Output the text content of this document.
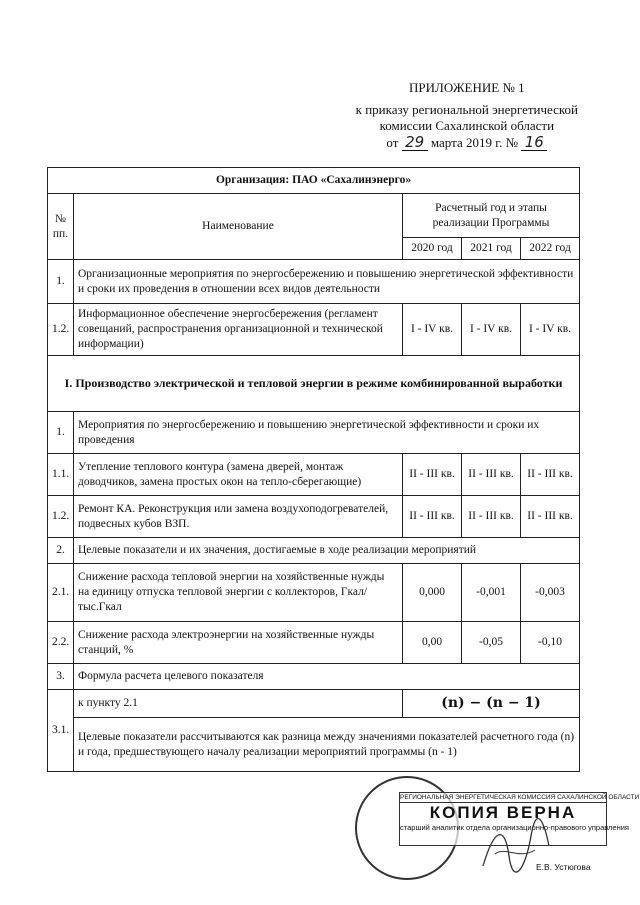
ПРИЛОЖЕНИЕ № 1
к приказу региональной энергетической
комиссии Сахалинской области
от 29 марта 2019 г. № 16
Организация: ПАО «Сахалинэнерго»				
№ пп.	Наименование	Расчетный год и этапы реализации Программы		
		2020 год	2021 год	2022 год
1.	Организационные мероприятия по энергосбережению и повышению энергетической эффективности и сроки их проведения в отношении всех видов деятельности			
1.2.	Информационное обеспечение энергосбережения (регламент совещаний, распространения организационной и технической информации)	I - IV кв.	I - IV кв.	I - IV кв.
I. Производство электрической и тепловой энергии в режиме комбинированной выработки				
1.	Мероприятия по энергосбережению и повышению энергетической эффективности и сроки их проведения			
1.1.	Утепление теплового контура (замена дверей, монтаж доводчиков, замена простых окон на тепло-сберегающие)	II - III кв.	II - III кв.	II - III кв.
1.2.	Ремонт КА. Реконструкция или замена воздухоподогревателей, подвесных кубов ВЗП.	II - III кв.	II - III кв.	II - III кв.
2.	Целевые показатели и их значения, достигаемые в ходе реализации мероприятий			
2.1.	Снижение расхода тепловой энергии на хозяйственные нужды на единицу отпуска тепловой энергии с коллекторов, Гкал/тыс.Гкал	0,000	-0,001	-0,003
2.2.	Снижение расхода электроэнергии на хозяйственные нужды станций, %	0,00	-0,05	-0,10
3.	Формула расчета целевого показателя			
3.1.	к пункту 2.1	(n) − (n − 1)		
	Целевые показатели рассчитываются как разница между значениями показателей расчетного года (n) и года, предшествующего началу реализации мероприятий программы (n - 1)			
РЕГИОНАЛЬНАЯ ЭНЕРГЕТИЧЕСКАЯ КОМИССИЯ САХАЛИНСКОЙ ОБЛАСТИ
КОПИЯ ВЕРНА
старший аналитик отдела организационно-правового управления
Е.В. Устюгова
